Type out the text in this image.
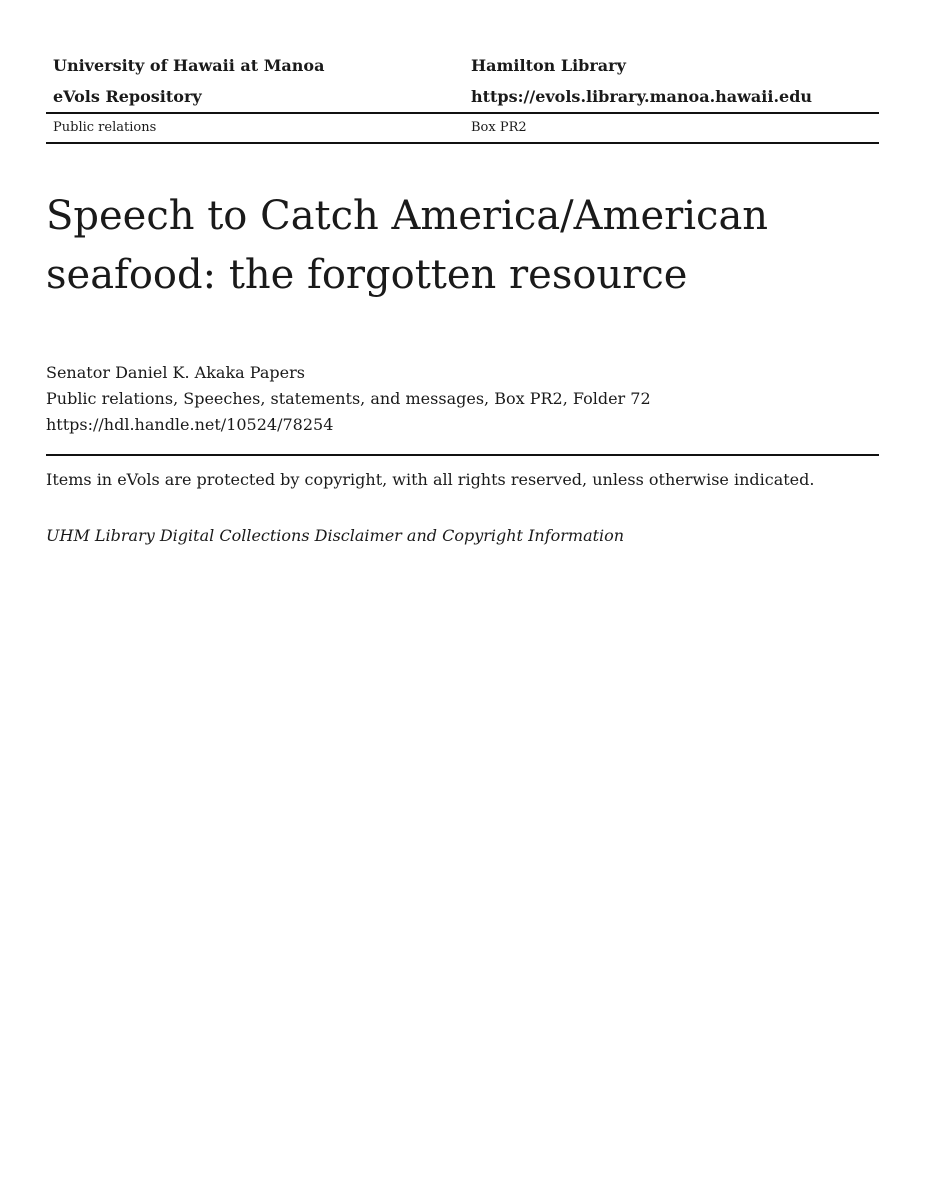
University of Hawaii at Manoa	Hamilton Library
eVols Repository	https://evols.library.manoa.hawaii.edu
Public relations	Box PR2
Speech to Catch America/American seafood: the forgotten resource
Senator Daniel K. Akaka Papers
Public relations, Speeches, statements, and messages, Box PR2, Folder 72
https://hdl.handle.net/10524/78254
Items in eVols are protected by copyright, with all rights reserved, unless otherwise indicated.
UHM Library Digital Collections Disclaimer and Copyright Information
